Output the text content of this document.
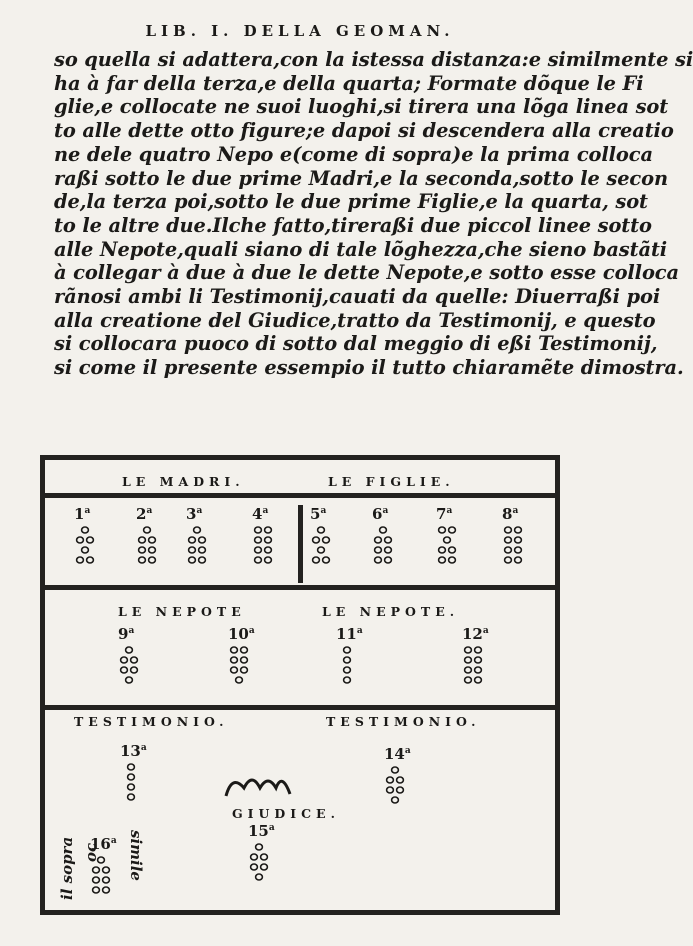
LIB. I. DELLA GEOMAN.
so quella si adattera,con la istessa distanza:e similmente si
ha à far della terza,e della quarta; Formate dõque le Fi
glie,e collocate ne suoi luoghi,si tirera una lõga linea sot
to alle dette otto figure;e dapoi si descendera alla creatio
ne dele quatro Nepo e(come di sopra)e la prima colloca
raßi sotto le due prime Madri,e la seconda,sotto le secon
de,la terza poi,sotto le due prime Figlie,e la quarta, sot
to le altre due.Ilche fatto,tireraßi due piccol linee sotto
alle Nepote,quali siano di tale lõghezza,che sieno bastãti
à collegar à due à due le dette Nepote,e sotto esse colloca
rãnosi ambi li Testimonij,cauati da quelle: Diuerraßi poi
alla creatione del Giudice,tratto da Testimonij, e questo
si collocara puoco di sotto dal meggio di eßi Testimonij,
si come il presente essempio il tutto chiaramẽte dimostra.
LE MADRI.	LE FIGLIE.
LE NEPOTE	LE NEPOTE.
TESTIMONIO.	TESTIMONIO.
GIUDICE.
il sopra	simile
oc
1$^a$	2$^a$ 3$^a$	4$^a$	5$^a$	6$^a$	7$^a$	8$^a$
9$^a$	10$^a$	11$^a$	12$^a$
13$^a$	14$^a$
15$^a$
16$^a$
